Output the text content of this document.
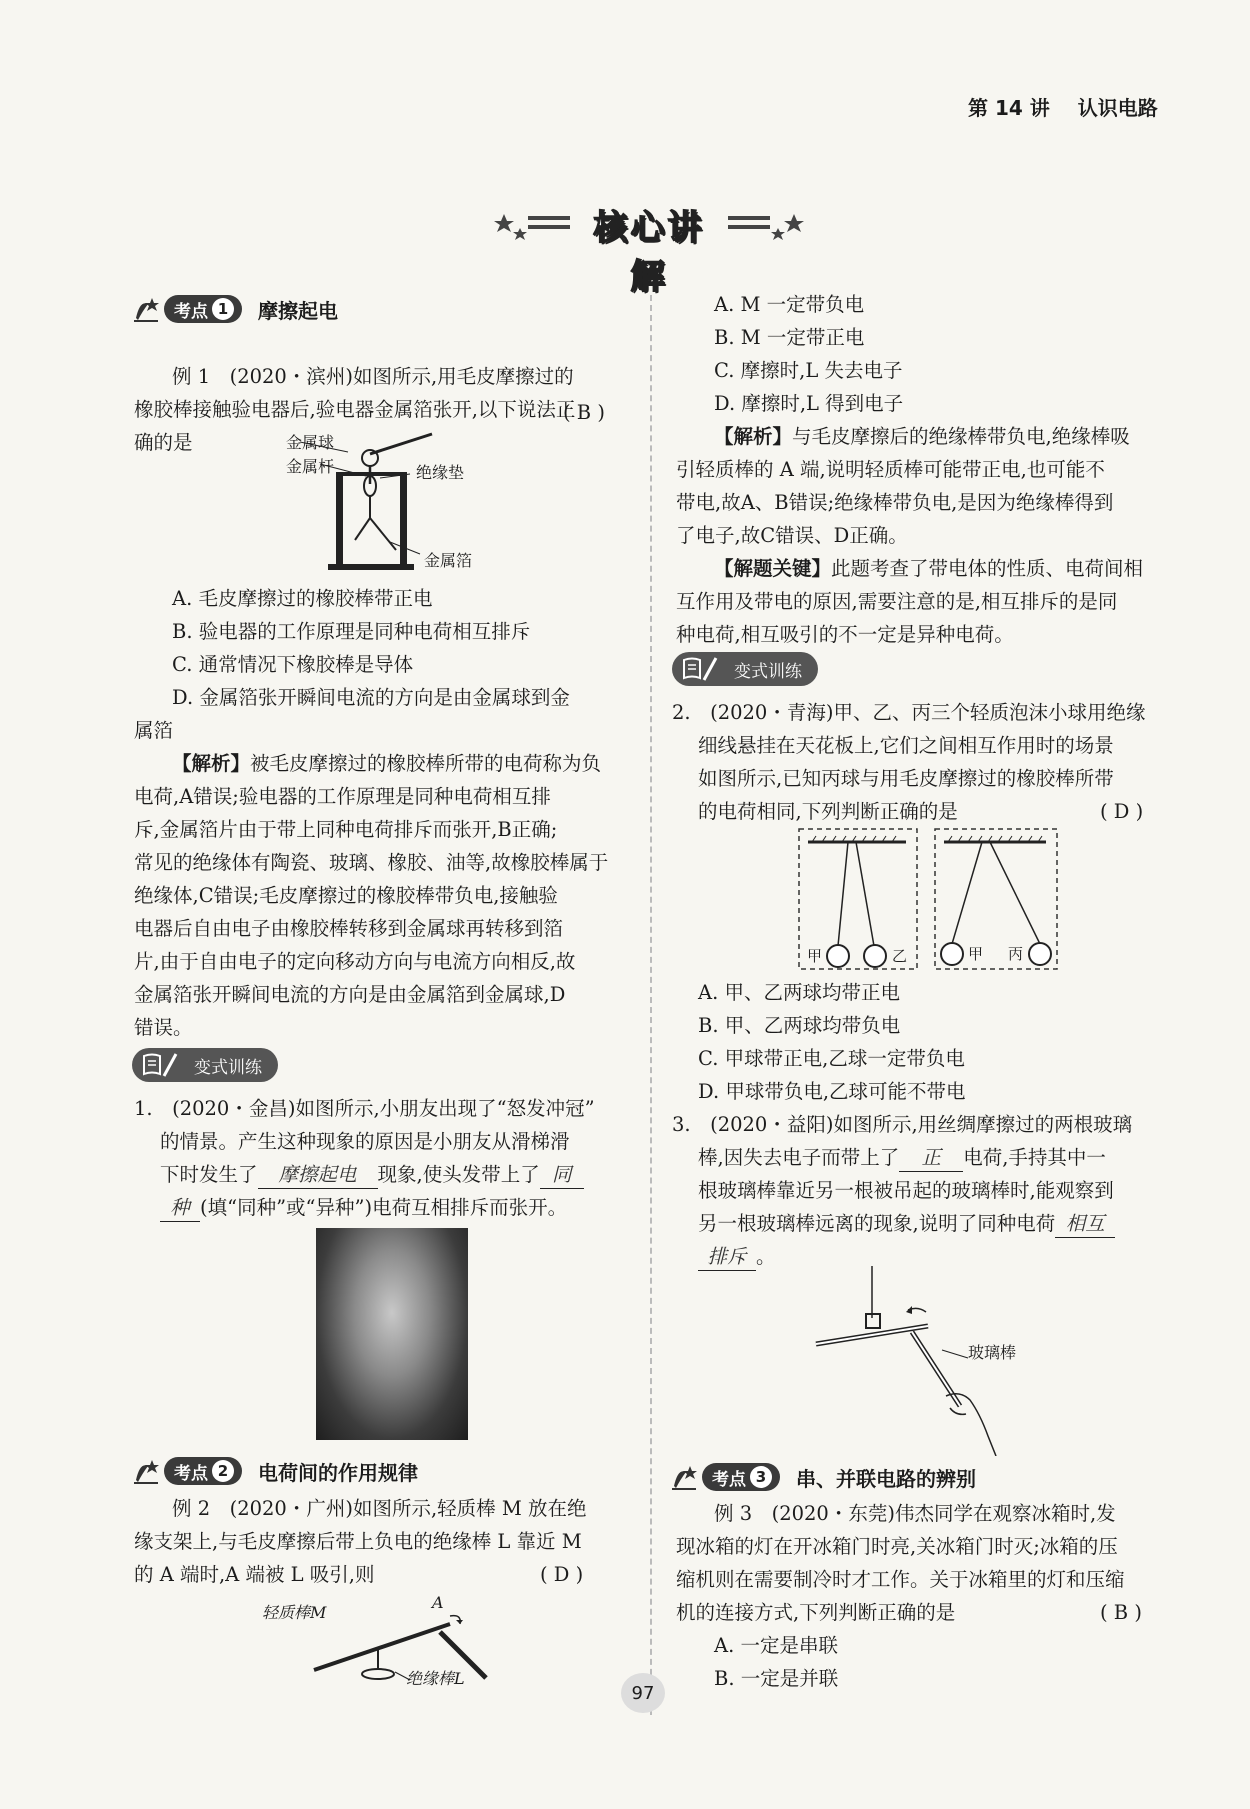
第 14 讲 认识电路
核心讲解
考点 1 摩擦起电
例 1　(2020・滨州)如图所示,用毛皮摩擦过的
橡胶棒接触验电器后,验电器金属箔张开,以下说法正
确的是
( B )
金属球
金属杆	绝缘垫
金属箔
A. 毛皮摩擦过的橡胶棒带正电
B. 验电器的工作原理是同种电荷相互排斥
C. 通常情况下橡胶棒是导体
D. 金属箔张开瞬间电流的方向是由金属球到金
属箔
【解析】被毛皮摩擦过的橡胶棒所带的电荷称为负
电荷,A错误;验电器的工作原理是同种电荷相互排
斥,金属箔片由于带上同种电荷排斥而张开,B正确;
常见的绝缘体有陶瓷、玻璃、橡胶、油等,故橡胶棒属于
绝缘体,C错误;毛皮摩擦过的橡胶棒带负电,接触验
电器后自由电子由橡胶棒转移到金属球再转移到箔
片,由于自由电子的定向移动方向与电流方向相反,故
金属箔张开瞬间电流的方向是由金属箔到金属球,D
错误。
变式训练
1.　(2020・金昌)如图所示,小朋友出现了“怒发冲冠”
的情景。产生这种现象的原因是小朋友从滑梯滑
下时发生了 摩擦起电 现象,使头发带上了 同
种 (填“同种”或“异种”)电荷互相排斥而张开。
考点 2 电荷间的作用规律
例 2　(2020・广州)如图所示,轻质棒 M 放在绝
缘支架上,与毛皮摩擦后带上负电的绝缘棒 L 靠近 M
的 A 端时,A 端被 L 吸引,则	( D )
轻质棒M
A
绝缘棒L
A. M 一定带负电
B. M 一定带正电
C. 摩擦时,L 失去电子
D. 摩擦时,L 得到电子
【解析】与毛皮摩擦后的绝缘棒带负电,绝缘棒吸
引轻质棒的 A 端,说明轻质棒可能带正电,也可能不
带电,故A、B错误;绝缘棒带负电,是因为绝缘棒得到
了电子,故C错误、D正确。
【解题关键】此题考查了带电体的性质、电荷间相
互作用及带电的原因,需要注意的是,相互排斥的是同
种电荷,相互吸引的不一定是异种电荷。
变式训练
2.　(2020・青海)甲、乙、丙三个轻质泡沫小球用绝缘
细线悬挂在天花板上,它们之间相互作用时的场景
如图所示,已知丙球与用毛皮摩擦过的橡胶棒所带
的电荷相同,下列判断正确的是	( D )
甲	乙	甲 丙
A. 甲、乙两球均带正电
B. 甲、乙两球均带负电
C. 甲球带正电,乙球一定带负电
D. 甲球带负电,乙球可能不带电
3.　(2020・益阳)如图所示,用丝绸摩擦过的两根玻璃
棒,因失去电子而带上了 正 电荷,手持其中一
根玻璃棒靠近另一根被吊起的玻璃棒时,能观察到
另一根玻璃棒远离的现象,说明了同种电荷 相互
排斥 。
玻璃棒
考点 3 串、并联电路的辨别
例 3　(2020・东莞)伟杰同学在观察冰箱时,发
现冰箱的灯在开冰箱门时亮,关冰箱门时灭;冰箱的压
缩机则在需要制冷时才工作。关于冰箱里的灯和压缩
机的连接方式,下列判断正确的是	( B )
A. 一定是串联
B. 一定是并联
97
